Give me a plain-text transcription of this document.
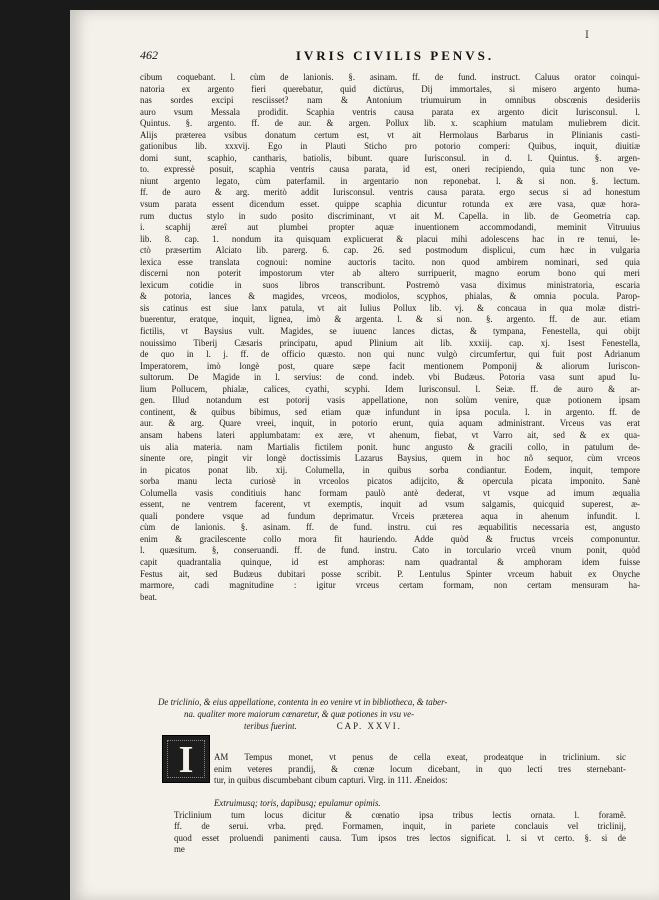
I
462	IVRIS CIVILIS PENVS.
cibum coquebant. l. cùm de lanionis. §. asinam. ff. de fund. instruct. Caluus orator coinqui-
natoria ex argento fieri querebatur, quid dictùrus, Dij immortales, si misero argento huma-
nas sordes excipi resciisset? nam & Antonium triumuirum in omnibus obscœnis desideriis
auro vsum Messala prodidit. Scaphia ventris causa parata ex argento dicit Iurisconsul. l.
Quintus. §. argento. ff. de aur. & argen. Pollux lib. x. scaphium matulam muliebrem dicit.
Alijs præterea vsibus donatum certum est, vt ait Hermolaus Barbarus in Plinianis casti-
gationibus lib. xxxvij. Ego in Plauti Sticho pro potorio comperi: Quibus, inquit, diuitiæ
domi sunt, scaphio, cantharis, batiolis, bibunt. quare Iurisconsul. in d. l. Quintus. §. argen-
to. expressè posuit, scaphia ventris causa parata, id est, oneri recipiendo, quia tunc non ve-
niunt argento legato, cùm paterfamil. in argentario non reponebat. l. & si non. §. lectum.
ff. de auro & arg. meritò addit Iurisconsul. ventris causa parata. ergo secus si ad honestum
vsum parata essent dicendum esset. quippe scaphia dicuntur rotunda ex ære vasa, quæ hora-
rum ductus stylo in sudo posito discriminant, vt ait M. Capella. in lib. de Geometria cap.
i. scaphij æreî aut plumbei propter aquæ inuentionem accommodandi, meminit Vitruuius
lib. 8. cap. 1. nondum ita quisquam explicuerat & placui mihi adolescens hac in re tenui, le-
ctò præsertim Alciato lib. parerg. 6. cap. 26. sed postmodum displicui, cum hæc in vulgaria
lexica esse translata cognoui: nomine auctoris tacito. non quod ambirem nominari, sed quia
discerni non poterit impostorum vter ab altero surripuerit, magno eorum bono qui meri
lexicum cotidie in suos libros transcribunt. Postremò vasa diximus ministratoria, escaria
& potoria, lances & magides, vrceos, modiolos, scyphos, phialas, & omnia pocula. Parop-
sis catinus est siue lanx patula, vt ait Iulius Pollux lib. vj. & concaua in qua molæ distri-
buerentur, eratque, inquit, lignea, imò & argenta. l. & si non. §. argento. ff. de aur. etiam
fictilis, vt Baysius vult. Magides, se iuuenc lances dictas, & tympana, Fenestella, qui obijt
nouissimo Tiberij Cæsaris principatu, apud Plinium ait lib. xxxiij. cap. xj. 1sest Fenestella,
de quo in l. j. ff. de officio quæsto. non qui nunc vulgò circumfertur, qui fuit post Adrianum
Imperatorem, imò longè post, quare sæpe facit mentionem Pomponij & aliorum Iuriscon-
sultorum. De Magide in l. servius: de cond. indeb. vbi Budæus. Potoria vasa sunt apud Iu-
lium Pollucem, phialæ, calices, cyathi, scyphi. Idem Iurisconsul. l. Seiæ. ff. de auro & ar-
gen. Illud notandum est potorij vasis appellatione, non solùm venire, quæ potionem ipsam
continent, & quibus bibimus, sed etiam quæ infundunt in ipsa pocula. l. in argento. ff. de
aur. & arg. Quare vreei, inquit, in potorio erunt, quia aquam administrant. Vrceus vas erat
ansam habens lateri applumbatam: ex ære, vt ahenum, fiebat, vt Varro ait, sed & ex qua-
uis alia materia. nam Martialis fictilem ponit. hunc angusto & gracili collo, in patulum de-
sinente ore, pingit vir longè doctissimis Lazarus Baysius, quem in hoc nô sequor, cùm vrceos
in picatos ponat lib. xij. Columella, in quibus sorba condiantur. Eodem, inquit, tempore
sorba manu lecta curiosè in vrceolos picatos adijcito, & opercula picata imponito. Sanè
Columella vasis conditiuis hanc formam paulò antè dederat, vt vsque ad imum æqualia
essent, ne ventrem facerent, vt exemptis, inquit ad vsum salgamis, quicquid superest, æ-
quali pondere vsque ad fundum deprimatur. Vrceis præterea aqua in ahenum infundit. l.
cùm de lanionis. §. asinam. ff. de fund. instru. cui res æquabilitis necessaria est, angusto
enim & gracilescente collo mora fit hauriendo. Adde quòd & fructus vrceis componuntur.
l. quæsitum. §, conseruandi. ff. de fund. instru. Cato in torculario vrceû vnum ponit, quòd
capit quadrantalia quinque, id est amphoras: nam quadrantal & amphoram idem fuisse
Festus ait, sed Budæus dubitari posse scribit. P. Lentulus Spinter vrceum habuit ex Onyche
marmore, cadi magnitudine : igitur vrceus certam formam, non certam mensuram ha-
beat.
De triclinio, & eius appellatione, contenta in eo venire vt in bibliotheca, & taber-
na. qualiter more maiorum cœnaretur, & quæ potiones in vsu ve-
teribus fuerint.	CAP. XXVI.
I	AM Tempus monet, vt penus de cella exeat, prodeatque in triclinium. sic
enim veteres prandij, & cœnæ locum dicebant, in quo lecti tres sternebant-
tur, in quibus discumbebant cibum capturi. Virg. in 111. Æneidos:
Extruimusq; toris, dapibusq; epulamur opimis.
Triclinium tum locus dicitur & cœnatio ipsa tribus lectis ornata. l. foramê.
ff. de serui. vrba. pręd. Formamen, inquit, in pariete conclauis vel triclinij,
quod esset proluendi panimenti causa. Tum ipsos tres lectos significat. l. si vt certo. §. si de
me
